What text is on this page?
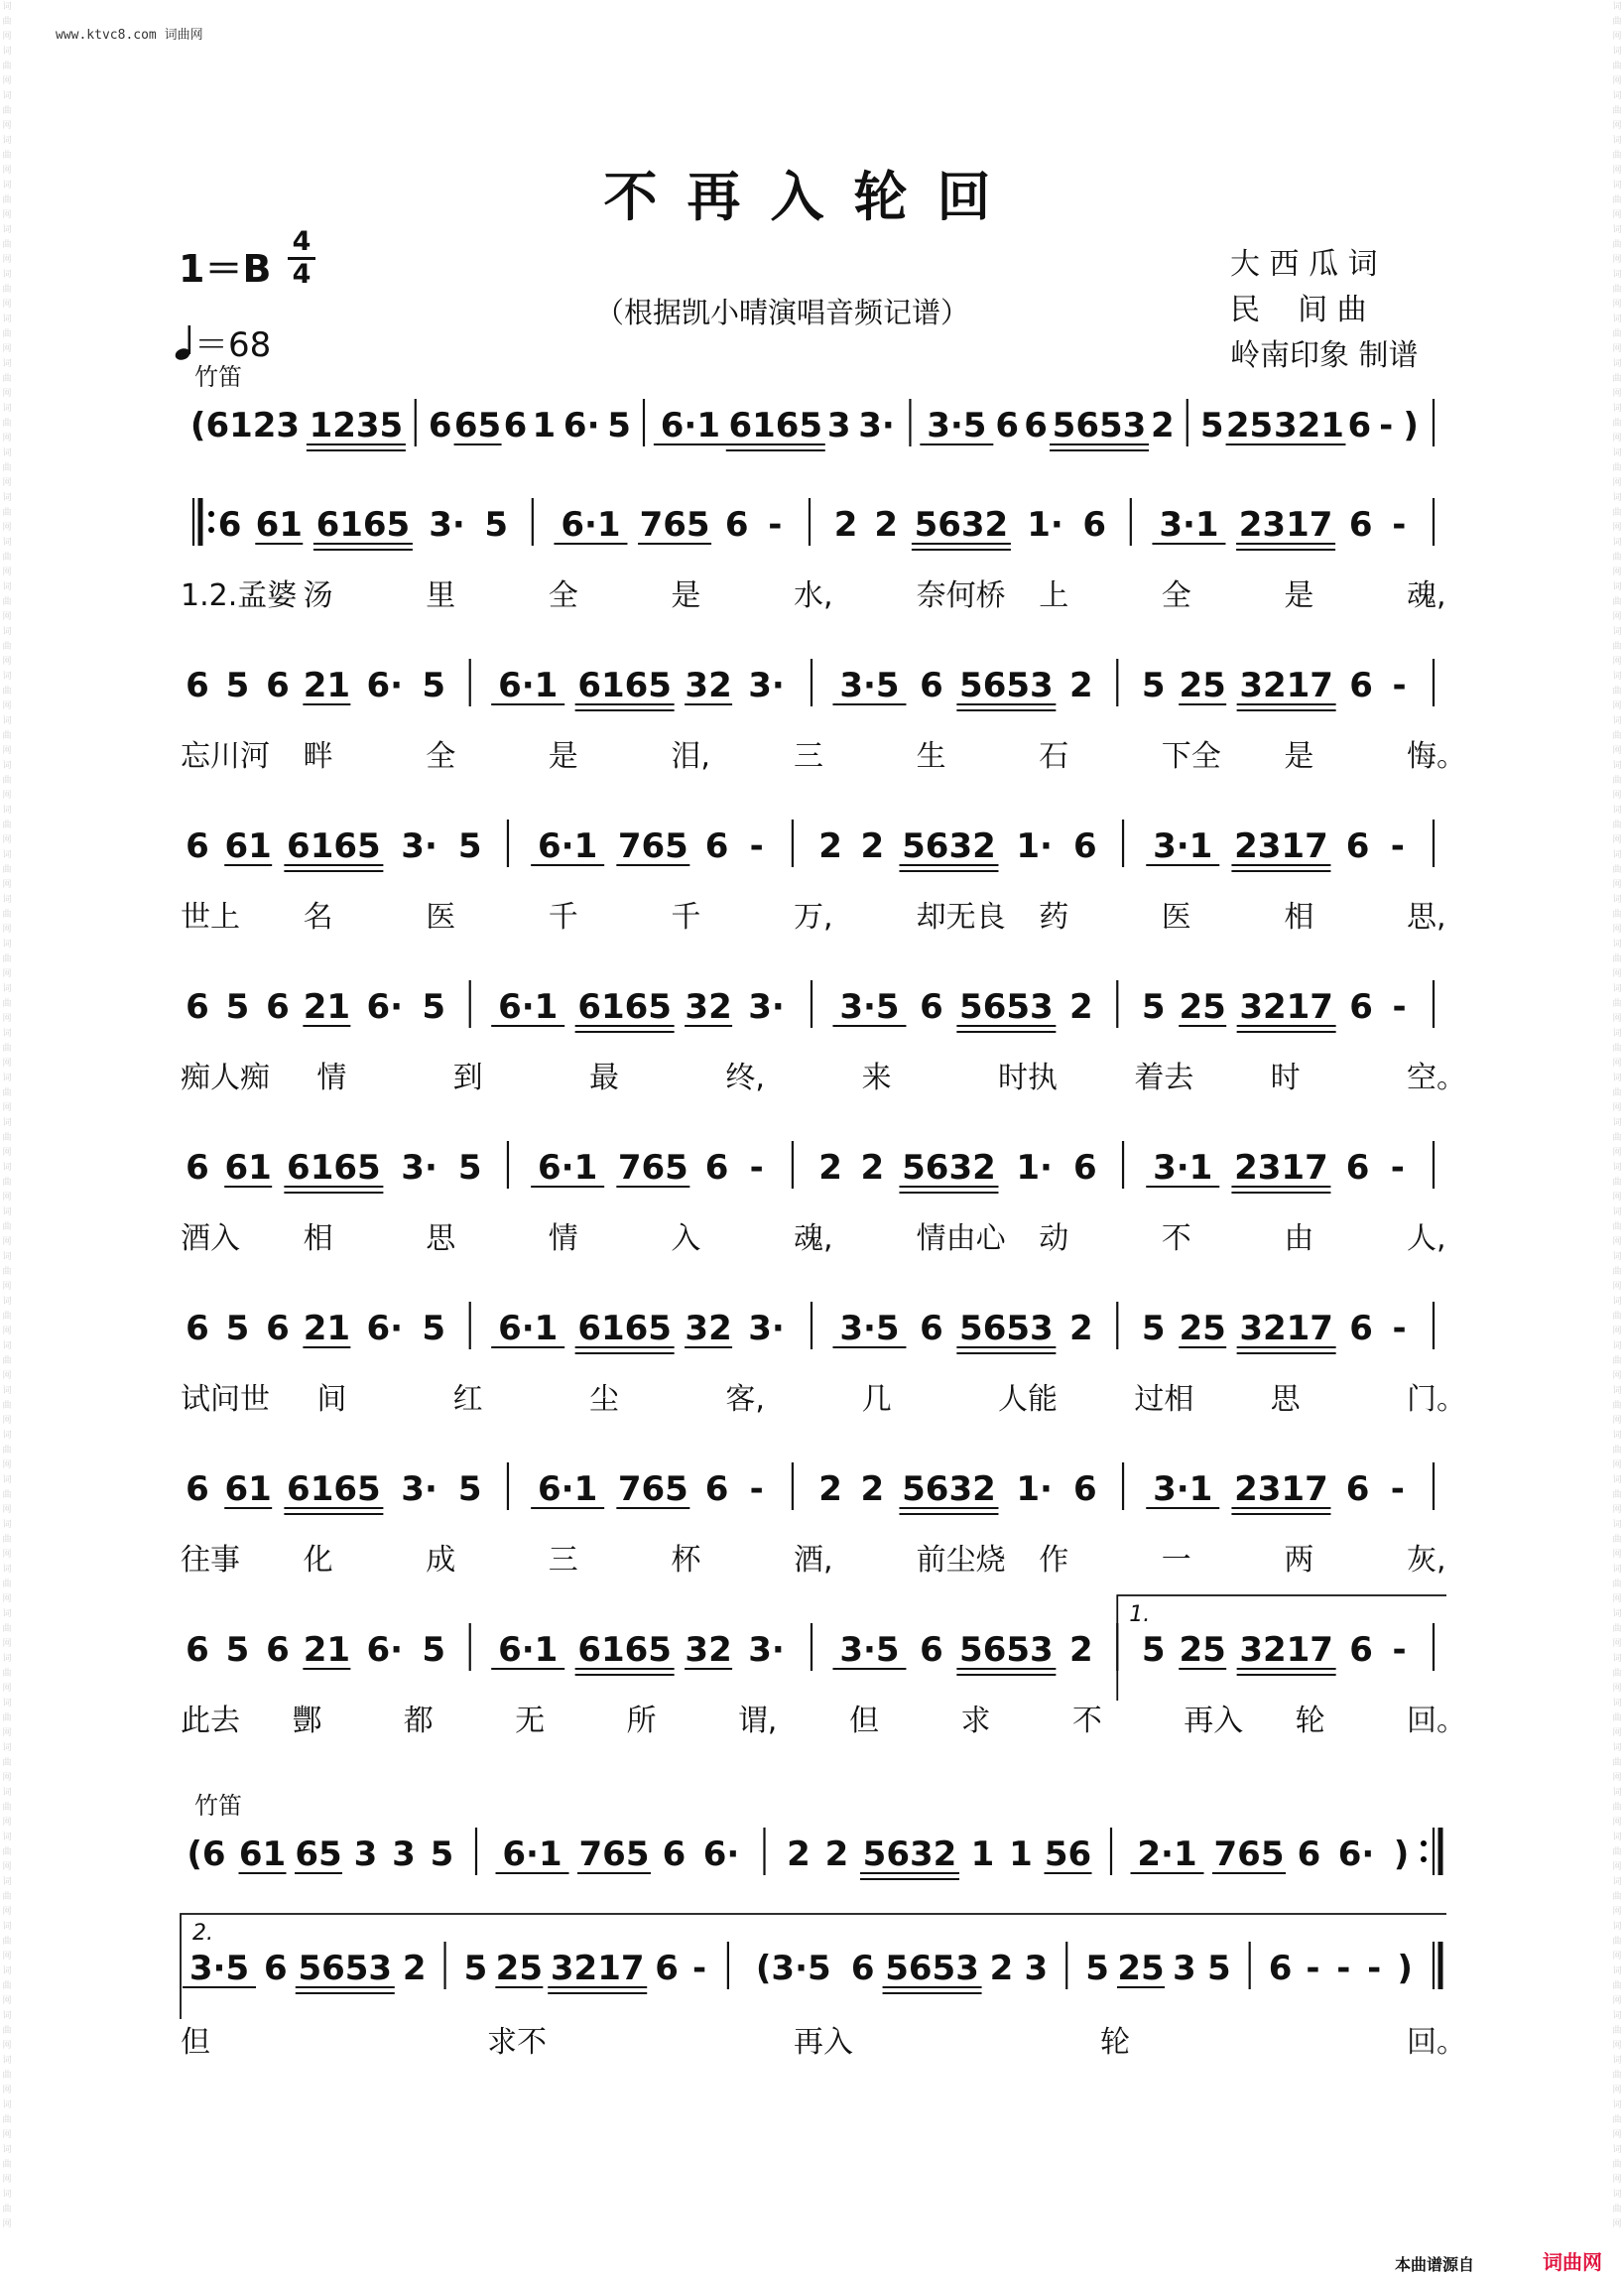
词
曲
网
词
曲
网
词
曲
网
词
曲
网
词
曲
网
词
曲
网
词
曲
网
词
曲
网
词
曲
网
词
曲
网
词
曲
网
词
曲
网
词
曲
网
词
曲
网
词
曲
网
词
曲
网
词
曲
网
词
曲
网
词
曲
网
词
曲
网
词
曲
网
词
曲
网
词
曲
网
词
曲
网
词
曲
网
词
曲
网
词
曲
网
词
曲
网
词
曲
网
词
曲
网
词
曲
网
词
曲
网
词
曲
网
词
曲
网
词
曲
网
词
曲
网
词
曲
网
词
曲
网
词
曲
网
词
曲
网
词
曲
网
词
曲
网
词
曲
网
词
曲
网
词
曲
网
词
曲
网
词
曲
网
词
曲
网
词
曲
网
词
曲
网
词
曲
网
词
曲
网
词
曲
网
词
曲
网
词
曲
网
词
曲
网
词
曲
网
词
曲
网
词
曲
网
词
曲
网
词
曲
网
词
曲
网
词
曲
网
词
曲
网
词
曲
网
词
曲
网
词
曲
网
词
曲
网
词
曲
网
词
曲
网
词
曲
网
词
曲
网
词
曲
网
词
曲
网
词
曲
网
词
曲
网
词
曲
网
词
曲
网
词
曲
网
词
曲
网
词
曲
网
词
曲
网
词
曲
网
词
曲
网
词
曲
网
词
曲
网
词
曲
网
词
曲
网
词
曲
网
词
曲
网
词
曲
网
词
曲
网
词
曲
网
词
曲
网
词
曲
网
词
曲
网
词
曲
网
词
曲
网
词
曲
网
词
曲
网
www.ktvc8.com 词曲网
不再入轮回
1＝B
4
4
＝68
（根据凯小晴演唱音频记谱）
大 西 瓜 词
民    间 曲
岭南印象 制谱
(6123 1235 6 65 6 1 6· 5 6·1 6165 3 3· 3·5 6 6 5653 2 5 25 321 6 - )
竹笛
6 61 6165 3· 5 6·1 765 6 - 2 2 5632 1· 6 3·1 2317 6 -
1.2.孟婆 汤	里	全	是	水,	奈何桥 上	全	是	魂,
6 5 6 21 6· 5 6·1 6165 32 3· 3·5 6 5653 2 5 25 3217 6 -
忘川河 畔	全	是	泪,	三	生	石	下全 是	悔。
6 61 6165 3· 5 6·1 765 6 - 2 2 5632 1· 6 3·1 2317 6 -
世上 名	医	千	千	万,	却无良 药	医	相	思,
6 5 6 21 6· 5 6·1 6165 32 3· 3·5 6 5653 2 5 25 3217 6 -
痴人痴 情	到	最	终,	来	时执	着去	时	空。
6 61 6165 3· 5 6·1 765 6 - 2 2 5632 1· 6 3·1 2317 6 -
酒入 相	思	情	入	魂,	情由心 动	不	由	人,
6 5 6 21 6· 5 6·1 6165 32 3· 3·5 6 5653 2 5 25 3217 6 -
试问世 间	红	尘	客,	几	人能	过相	思	门。
6 61 6165 3· 5 6·1 765 6 - 2 2 5632 1· 6 3·1 2317 6 -
往事 化	成	三	杯	酒,	前尘烧 作	一	两	灰,
6 5 6 21 6· 5 6·1 6165 32 3· 3·5 6 5653 2 5 25 3217 6 -
1.
此去 酆	都	无	所	谓, 但	求	不	再入 轮	回。
(6 61 65 3 3 5 6·1 765 6 6· 2 2 5632 1 1 56 2·1 765 6 6· )
竹笛
3·5 6 5653 2 5 25 3217 6 - (3·5 6 5653 2 3 5 25 3 5 6 - - - )
2.
但	求不	再入	轮	回。
本曲谱源自	词曲网
